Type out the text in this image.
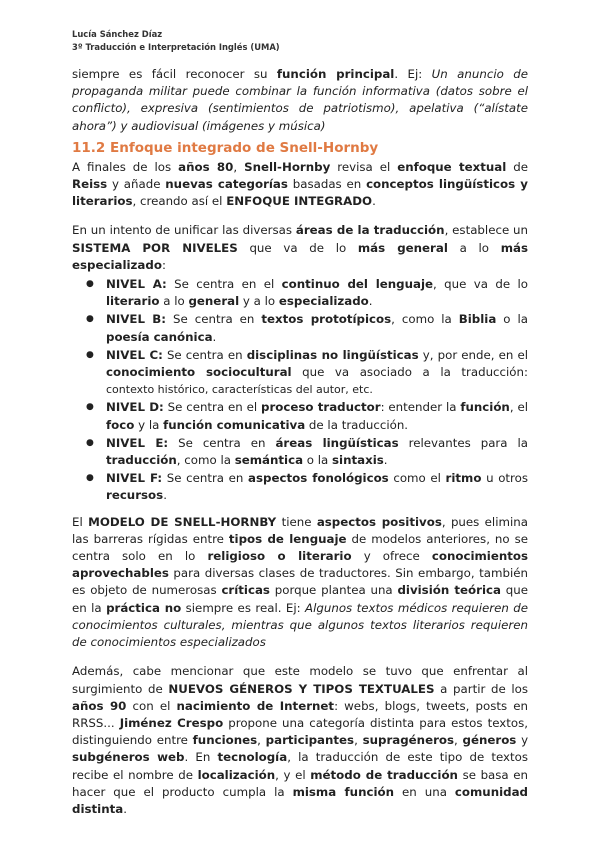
Lucía Sánchez Díaz
3º Traducción e Interpretación Inglés (UMA)

siempre es fácil reconocer su función principal. Ej: Un anuncio de propaganda militar puede combinar la función informativa (datos sobre el conflicto), expresiva (sentimientos de patriotismo), apelativa (“alístate ahora”) y audiovisual (imágenes y música)

11.2 Enfoque integrado de Snell-Hornby

A finales de los años 80, Snell-Hornby revisa el enfoque textual de Reiss y añade nuevas categorías basadas en conceptos lingüísticos y literarios, creando así el ENFOQUE INTEGRADO.

En un intento de unificar las diversas áreas de la traducción, establece un SISTEMA POR NIVELES que va de lo más general a lo más especializado:

● NIVEL A: Se centra en el continuo del lenguaje, que va de lo literario a lo general y a lo especializado.
● NIVEL B: Se centra en textos prototípicos, como la Biblia o la poesía canónica.
● NIVEL C: Se centra en disciplinas no lingüísticas y, por ende, en el conocimiento sociocultural que va asociado a la traducción: contexto histórico, características del autor, etc.
● NIVEL D: Se centra en el proceso traductor: entender la función, el foco y la función comunicativa de la traducción.
● NIVEL E: Se centra en áreas lingüísticas relevantes para la traducción, como la semántica o la sintaxis.
● NIVEL F: Se centra en aspectos fonológicos como el ritmo u otros recursos.

El MODELO DE SNELL-HORNBY tiene aspectos positivos, pues elimina las barreras rígidas entre tipos de lenguaje de modelos anteriores, no se centra solo en lo religioso o literario y ofrece conocimientos aprovechables para diversas clases de traductores. Sin embargo, también es objeto de numerosas críticas porque plantea una división teórica que en la práctica no siempre es real. Ej: Algunos textos médicos requieren de conocimientos culturales, mientras que algunos textos literarios requieren de conocimientos especializados

Además, cabe mencionar que este modelo se tuvo que enfrentar al surgimiento de NUEVOS GÉNEROS Y TIPOS TEXTUALES a partir de los años 90 con el nacimiento de Internet: webs, blogs, tweets, posts en RRSS... Jiménez Crespo propone una categoría distinta para estos textos, distinguiendo entre funciones, participantes, supragéneros, géneros y subgéneros web. En tecnología, la traducción de este tipo de textos recibe el nombre de localización, y el método de traducción se basa en hacer que el producto cumpla la misma función en una comunidad distinta.
